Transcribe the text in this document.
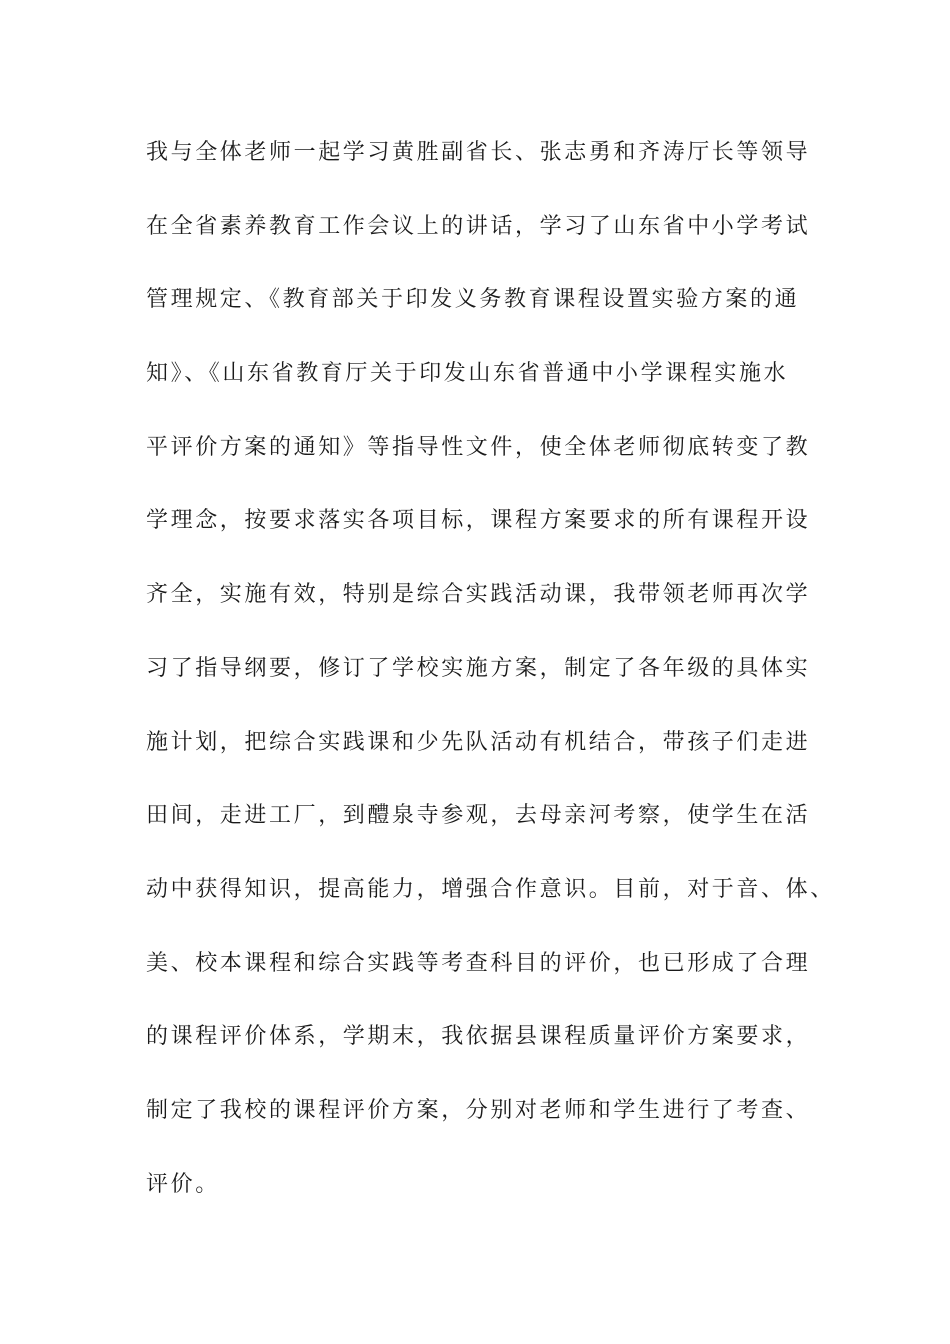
我与全体老师一起学习黄胜副省长、张志勇和齐涛厅长等领导
在全省素养教育工作会议上的讲话，学习了山东省中小学考试
管理规定、《教育部关于印发义务教育课程设置实验方案的通
知》、《山东省教育厅关于印发山东省普通中小学课程实施水
平评价方案的通知》等指导性文件，使全体老师彻底转变了教
学理念，按要求落实各项目标，课程方案要求的所有课程开设
齐全，实施有效，特别是综合实践活动课，我带领老师再次学
习了指导纲要，修订了学校实施方案，制定了各年级的具体实
施计划，把综合实践课和少先队活动有机结合，带孩子们走进
田间，走进工厂，到醴泉寺参观，去母亲河考察，使学生在活
动中获得知识，提高能力，增强合作意识。目前，对于音、体、
美、校本课程和综合实践等考查科目的评价，也已形成了合理
的课程评价体系，学期末，我依据县课程质量评价方案要求，
制定了我校的课程评价方案，分别对老师和学生进行了考查、
评价。
